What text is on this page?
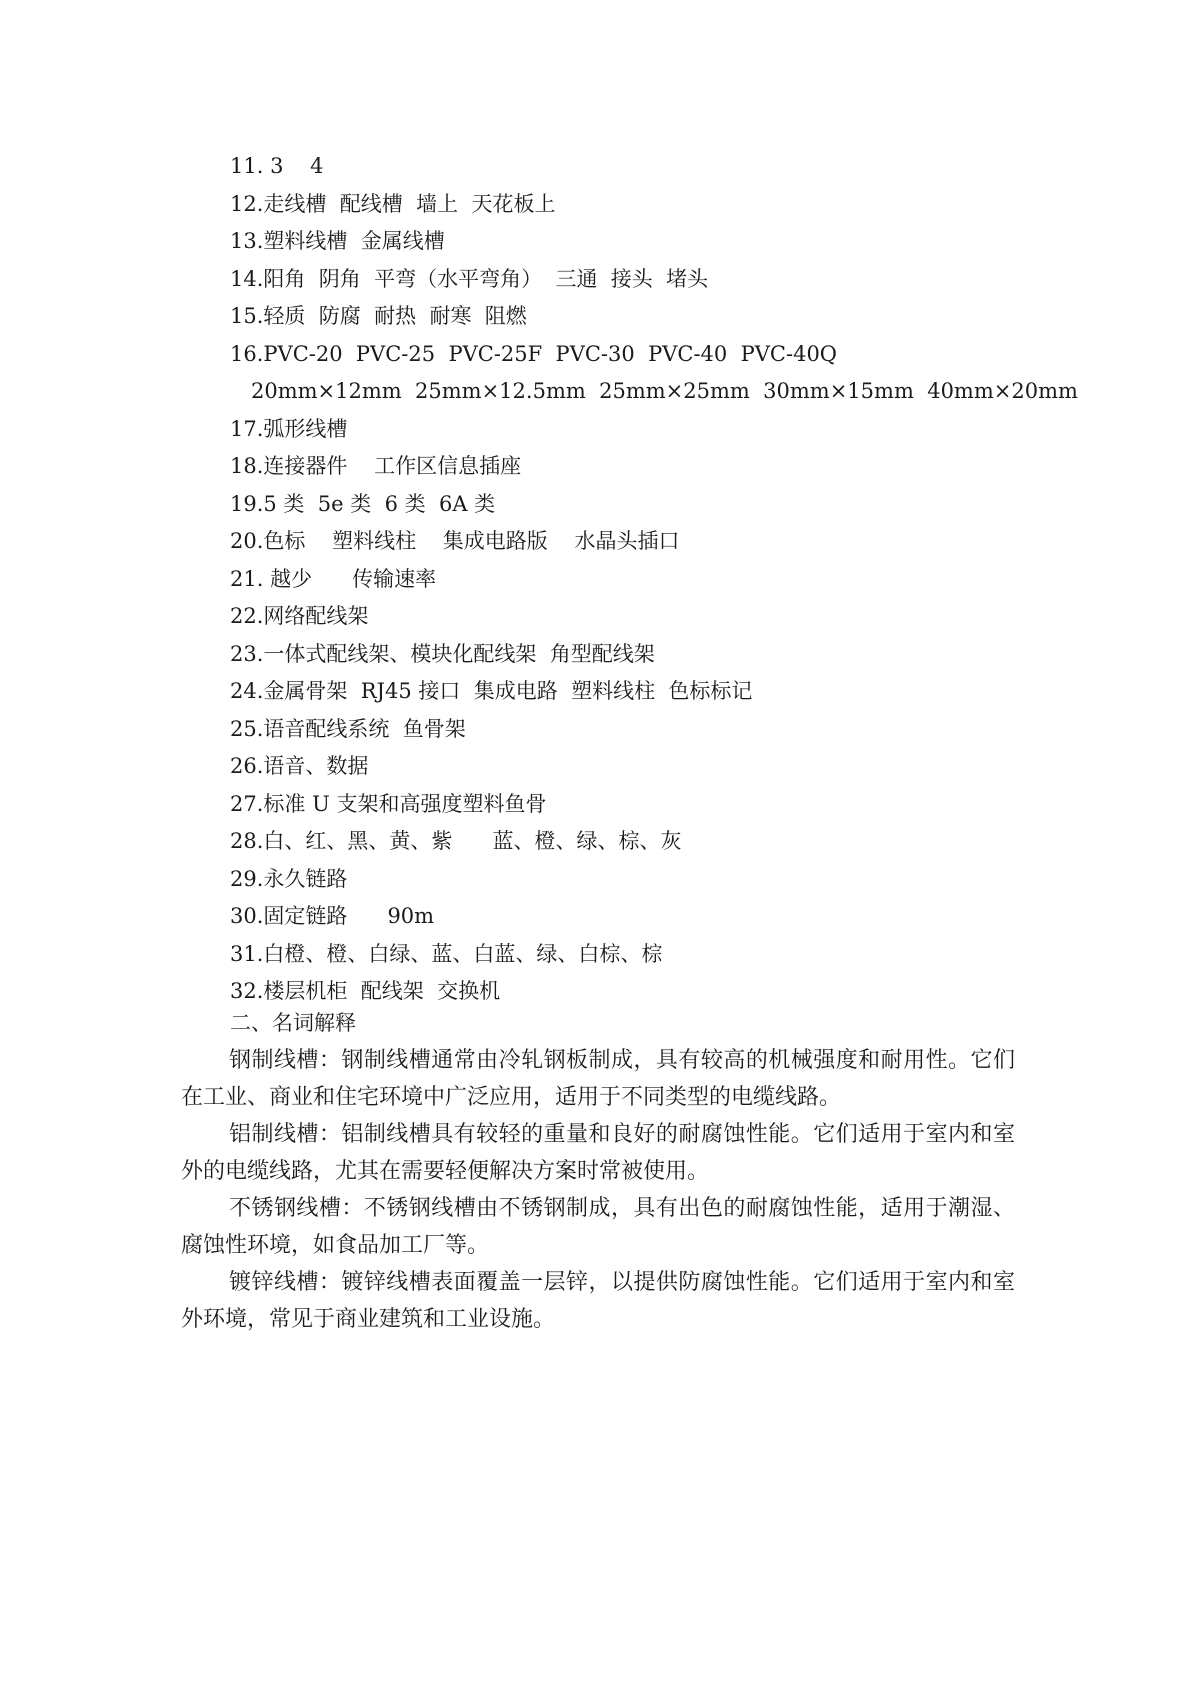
11. 3    4
12.走线槽  配线槽  墙上  天花板上
13.塑料线槽  金属线槽
14.阳角  阴角  平弯（水平弯角）  三通  接头  堵头
15.轻质  防腐  耐热  耐寒  阻燃
16.PVC-20  PVC-25  PVC-25F  PVC-30  PVC-40  PVC-40Q
20mm×12mm  25mm×12.5mm  25mm×25mm  30mm×15mm  40mm×20mm
17.弧形线槽
18.连接器件    工作区信息插座
19.5 类  5e 类  6 类  6A 类
20.色标    塑料线柱    集成电路版    水晶头插口
21. 越少      传输速率
22.网络配线架
23.一体式配线架、模块化配线架  角型配线架
24.金属骨架  RJ45 接口  集成电路  塑料线柱  色标标记
25.语音配线系统  鱼骨架
26.语音、数据
27.标准 U 支架和高强度塑料鱼骨
28.白、红、黑、黄、紫      蓝、橙、绿、棕、灰
29.永久链路
30.固定链路      90m
31.白橙、橙、白绿、蓝、白蓝、绿、白棕、棕
32.楼层机柜  配线架  交换机
二、名词解释

钢制线槽：钢制线槽通常由冷轧钢板制成，具有较高的机械强度和耐用性。它们在工业、商业和住宅环境中广泛应用，适用于不同类型的电缆线路。

铝制线槽：铝制线槽具有较轻的重量和良好的耐腐蚀性能。它们适用于室内和室外的电缆线路，尤其在需要轻便解决方案时常被使用。

不锈钢线槽：不锈钢线槽由不锈钢制成，具有出色的耐腐蚀性能，适用于潮湿、腐蚀性环境，如食品加工厂等。

镀锌线槽：镀锌线槽表面覆盖一层锌，以提供防腐蚀性能。它们适用于室内和室外环境，常见于商业建筑和工业设施。
